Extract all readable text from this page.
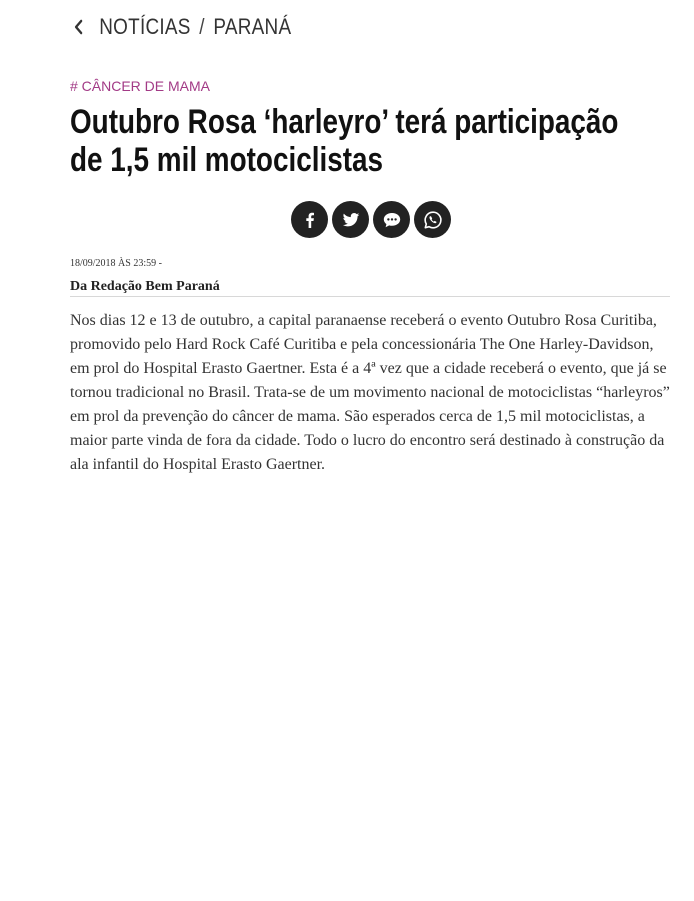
NOTÍCIAS / PARANÁ
# CÂNCER DE MAMA
Outubro Rosa ‘harleyro’ terá participação de 1,5 mil motociclistas
18/09/2018 ÀS 23:59 -
Da Redação Bem Paraná

Nos dias 12 e 13 de outubro, a capital paranaense receberá o evento Outubro Rosa Curitiba, promovido pelo Hard Rock Café Curitiba e pela concessionária The One Harley-Davidson, em prol do Hospital Erasto Gaertner. Esta é a 4ª vez que a cidade receberá o evento, que já se tornou tradicional no Brasil. Trata-se de um movimento nacional de motociclistas “harleyros” em prol da prevenção do câncer de mama. São esperados cerca de 1,5 mil motociclistas, a maior parte vinda de fora da cidade. Todo o lucro do encontro será destinado à construção da ala infantil do Hospital Erasto Gaertner.
